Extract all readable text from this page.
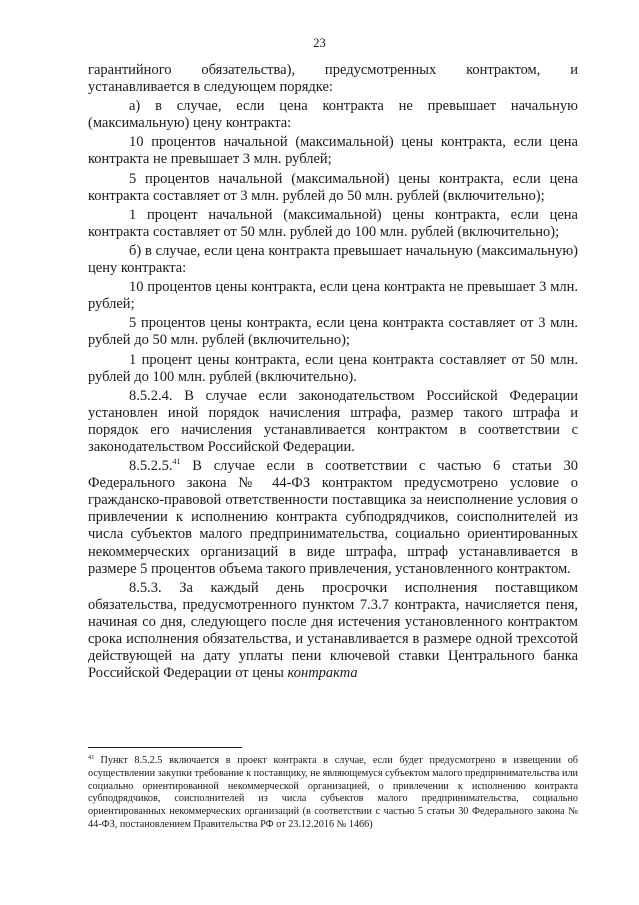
23

гарантийного обязательства), предусмотренных контрактом, и

устанавливается в следующем порядке:

а) в случае, если цена контракта не превышает начальную (максимальную) цену контракта:

10 процентов начальной (максимальной) цены контракта, если цена контракта не превышает 3 млн. рублей;

5 процентов начальной (максимальной) цены контракта, если цена контракта составляет от 3 млн. рублей до 50 млн. рублей (включительно);

1 процент начальной (максимальной) цены контракта, если цена контракта составляет от 50 млн. рублей до 100 млн. рублей (включительно);

б) в случае, если цена контракта превышает начальную (максимальную) цену контракта:

10 процентов цены контракта, если цена контракта не превышает 3 млн. рублей;

5 процентов цены контракта, если цена контракта составляет от 3 млн. рублей до 50 млн. рублей (включительно);

1 процент цены контракта, если цена контракта составляет от 50 млн. рублей до 100 млн. рублей (включительно).

8.5.2.4. В случае если законодательством Российской Федерации установлен иной порядок начисления штрафа, размер такого штрафа и порядок его начисления устанавливается контрактом в соответствии с законодательством Российской Федерации.

8.5.2.5.41 В случае если в соответствии с частью 6 статьи 30 Федерального закона № 44-ФЗ контрактом предусмотрено условие о гражданско-правовой ответственности поставщика за неисполнение условия о привлечении к исполнению контракта субподрядчиков, соисполнителей из числа субъектов малого предпринимательства, социально ориентированных некоммерческих организаций в виде штрафа, штраф устанавливается в размере 5 процентов объема такого привлечения, установленного контрактом.

8.5.3. За каждый день просрочки исполнения поставщиком обязательства, предусмотренного пунктом 7.3.7 контракта, начисляется пеня, начиная со дня, следующего после дня истечения установленного контрактом срока исполнения обязательства, и устанавливается в размере одной трехсотой действующей на дату уплаты пени ключевой ставки Центрального банка Российской Федерации от цены контракта

$^{41}$ Пункт 8.5.2.5 включается в проект контракта в случае, если будет предусмотрено в извещении об осуществлении закупки требование к поставщику, не являющемуся субъектом малого предпринимательства или социально ориентированной некоммерческой организацией, о привлечении к исполнению контракта субподрядчиков, соисполнителей из числа субъектов малого предпринимательства, социально ориентированных некоммерческих организаций (в соответствии с частью 5 статьи 30 Федерального закона № 44-ФЗ, постановлением Правительства РФ от 23.12.2016 № 1466)
